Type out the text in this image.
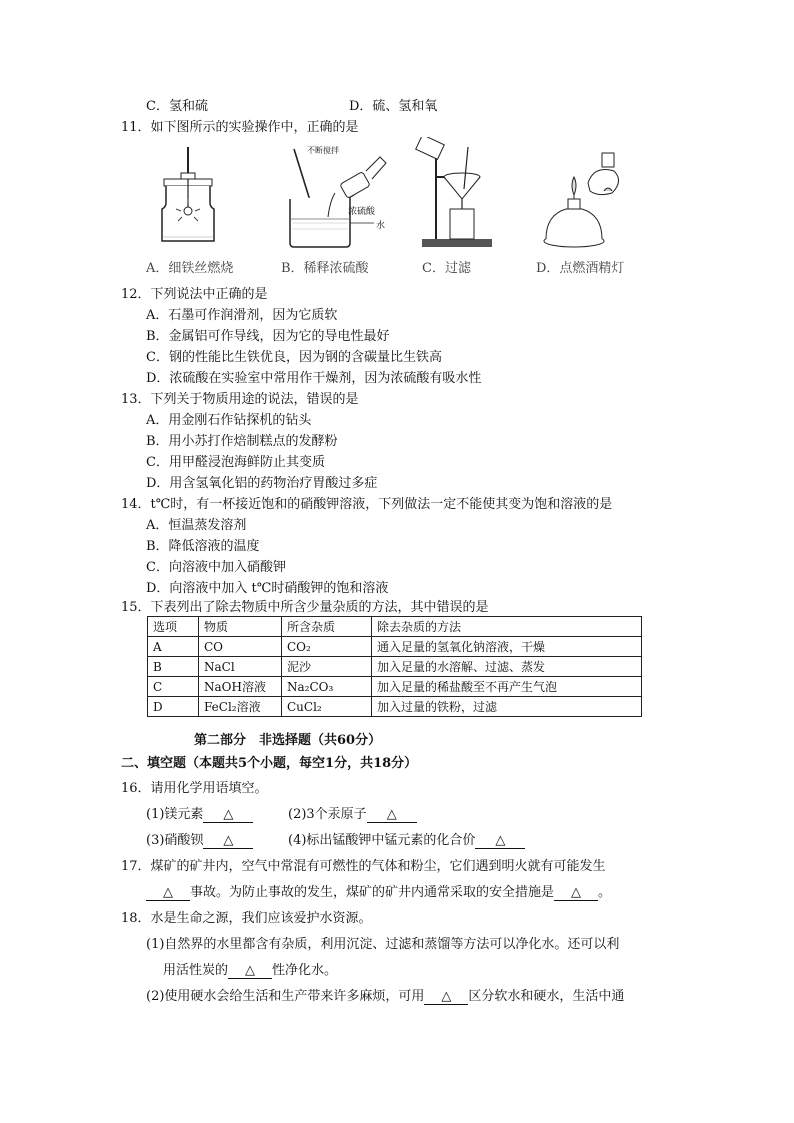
C．氢和硫	D．硫、氢和氧
11．如下图所示的实验操作中，正确的是
A．细铁丝燃烧
不断搅拌
浓硫酸
水
B．稀释浓硫酸	C．过滤	D．点燃酒精灯
12．下列说法中正确的是
A．石墨可作润滑剂，因为它质软
B．金属铝可作导线，因为它的导电性最好
C．钢的性能比生铁优良，因为钢的含碳量比生铁高
D．浓硫酸在实验室中常用作干燥剂，因为浓硫酸有吸水性
13．下列关于物质用途的说法，错误的是
A．用金刚石作钻探机的钻头
B．用小苏打作焙制糕点的发酵粉
C．用甲醛浸泡海鲜防止其变质
D．用含氢氧化铝的药物治疗胃酸过多症
14．t℃时，有一杯接近饱和的硝酸钾溶液，下列做法一定不能使其变为饱和溶液的是
A．恒温蒸发溶剂
B．降低溶液的温度
C．向溶液中加入硝酸钾
D．向溶液中加入 t℃时硝酸钾的饱和溶液
15．下表列出了除去物质中所含少量杂质的方法，其中错误的是
选项	物质	所含杂质	除去杂质的方法
A	CO	CO₂	通入足量的氢氧化钠溶液，干燥
B	NaCl	泥沙	加入足量的水溶解、过滤、蒸发
C	NaOH溶液	Na₂CO₃	加入足量的稀盐酸至不再产生气泡
D	FeCl₂溶液	CuCl₂	加入过量的铁粉，过滤
第二部分　非选择题（共60分）
二、填空题（本题共5个小题，每空1分，共18分）
16．请用化学用语填空。
(1)镁元素 △	(2)3个汞原子 △
(3)硝酸钡 △	(4)标出锰酸钾中锰元素的化合价 △
17．煤矿的矿井内，空气中常混有可燃性的气体和粉尘，它们遇到明火就有可能发生
△ 事故。为防止事故的发生，煤矿的矿井内通常采取的安全措施是 △ 。
18．水是生命之源，我们应该爱护水资源。
(1)自然界的水里都含有杂质，利用沉淀、过滤和蒸馏等方法可以净化水。还可以利
用活性炭的 △ 性净化水。
(2)使用硬水会给生活和生产带来许多麻烦，可用 △ 区分软水和硬水，生活中通
